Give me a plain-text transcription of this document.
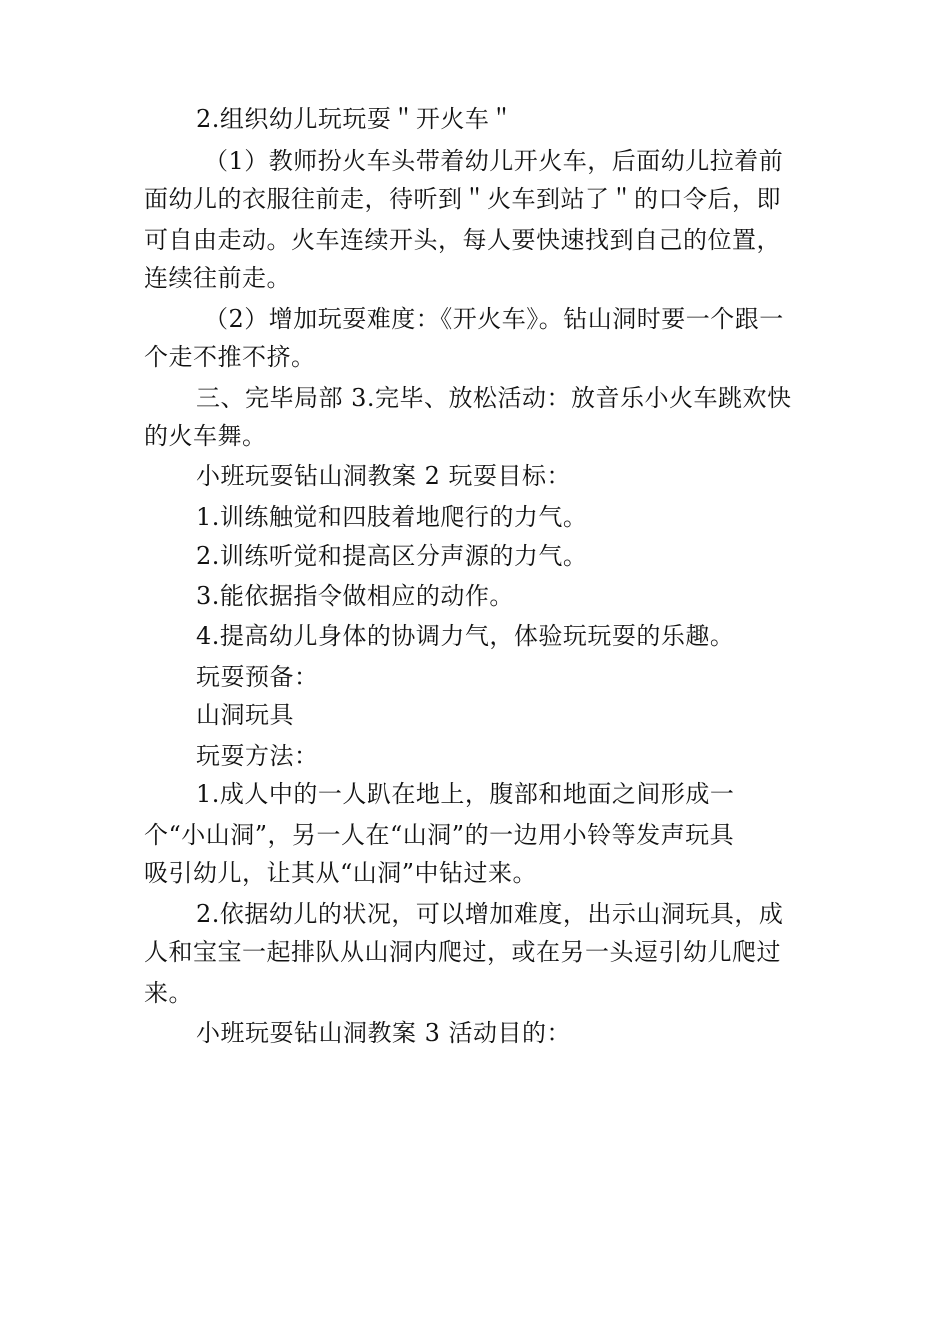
2.组织幼儿玩玩耍＂开火车＂
（1）教师扮火车头带着幼儿开火车，后面幼儿拉着前
面幼儿的衣服往前走，待听到＂火车到站了＂的口令后，即
可自由走动。火车连续开头，每人要快速找到自己的位置，
连续往前走。
（2）增加玩耍难度：《开火车》。钻山洞时要一个跟一
个走不推不挤。
三、完毕局部 3.完毕、放松活动：放音乐小火车跳欢快
的火车舞。
小班玩耍钻山洞教案 2 玩耍目标：
1.训练触觉和四肢着地爬行的力气。
2.训练听觉和提高区分声源的力气。
3.能依据指令做相应的动作。
4.提高幼儿身体的协调力气，体验玩玩耍的乐趣。
玩耍预备：
山洞玩具
玩耍方法：
1.成人中的一人趴在地上，腹部和地面之间形成一
个“小山洞”，另一人在“山洞”的一边用小铃等发声玩具
吸引幼儿，让其从“山洞”中钻过来。
2.依据幼儿的状况，可以增加难度，出示山洞玩具，成
人和宝宝一起排队从山洞内爬过，或在另一头逗引幼儿爬过
来。
小班玩耍钻山洞教案 3 活动目的：
